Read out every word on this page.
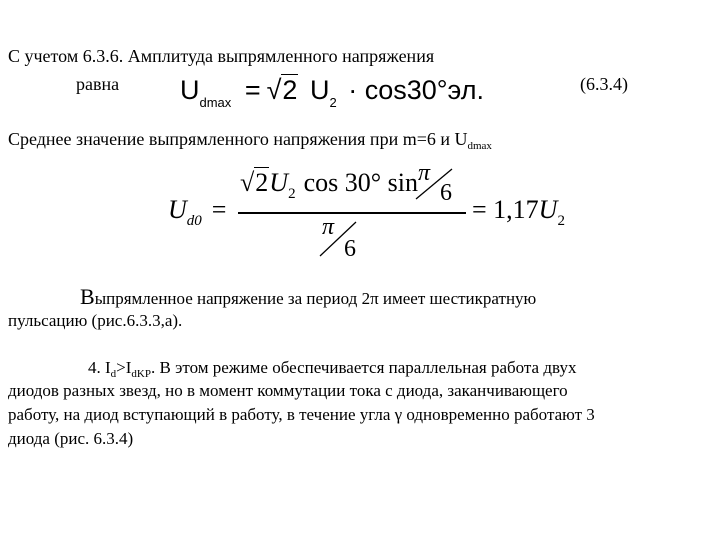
С учетом 6.3.6. Амплитуда выпрямленного напряжения
равна $U_{dmax} = √2$ $U_2 \cdot \cos 30^\circ эл$.	(6.3.4)
Среднее значение выпрямленного напряжения при m=6 и $U_{dmax}$
Ud0 =
√2U2 cos 30° sin π
6
π
6
= 1,17U2
Выпрямленное напряжение за период 2π имеет шестикратную
пульсацию (рис.6.3.3,а).
4. $I_d>I_{dKP}$. В этом режиме обеспечивается параллельная работа двух
диодов разных звезд, но в момент коммутации тока с диода, заканчивающего
работу, на диод вступающий в работу, в течение угла γ одновременно работают 3
диода (рис. 6.3.4)
